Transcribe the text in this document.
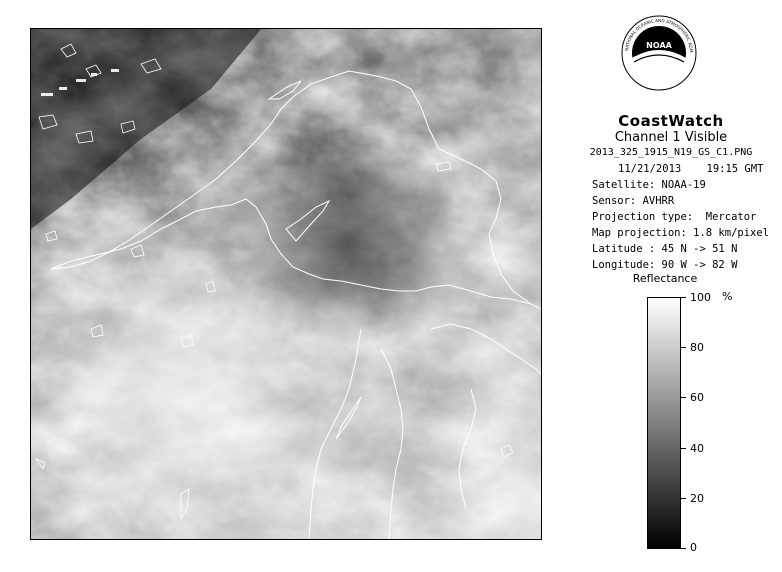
NATIONAL OCEANIC AND ATMOSPHERIC ADM
NOAA
CoastWatch
Channel 1 Visible
2013_325_1915_N19_GS_C1.PNG
11/21/2013    19:15 GMT
Satellite: NOAA-19
Sensor: AVHRR
Projection type:  Mercator
Map projection: 1.8 km/pixel
Latitude : 45 N -> 51 N
Longitude: 90 W -> 82 W
Reflectance
%
100
80
60
40
20
0
